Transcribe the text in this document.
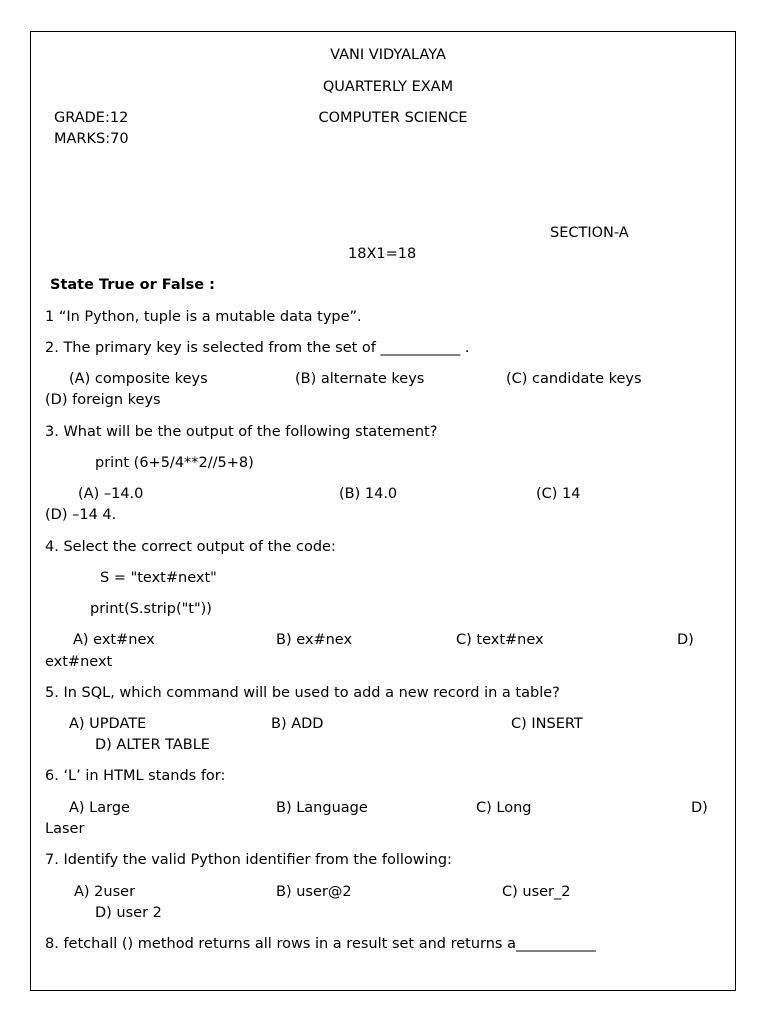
VANI VIDYALAYA
QUARTERLY EXAM
GRADE:12	COMPUTER SCIENCE
MARKS:70
SECTION-A
18X1=18
State True or False :
1 “In Python, tuple is a mutable data type”.
2. The primary key is selected from the set of ___________ .
(A) composite keys	(B) alternate keys	(C) candidate keys
(D) foreign keys
3. What will be the output of the following statement?
print (6+5/4**2//5+8)
(A) –14.0	(B) 14.0	(C) 14
(D) –14 4.
4. Select the correct output of the code:
S = "text#next"
print(S.strip("t"))
A) ext#nex	B) ex#nex	C) text#nex	D)
ext#next
5. In SQL, which command will be used to add a new record in a table?
A) UPDATE	B) ADD	C) INSERT
D) ALTER TABLE
6. ‘L’ in HTML stands for:
A) Large	B) Language	C) Long	D)
Laser
7. Identify the valid Python identifier from the following:
A) 2user	B) user@2	C) user_2
D) user 2
8. fetchall () method returns all rows in a result set and returns a___________
